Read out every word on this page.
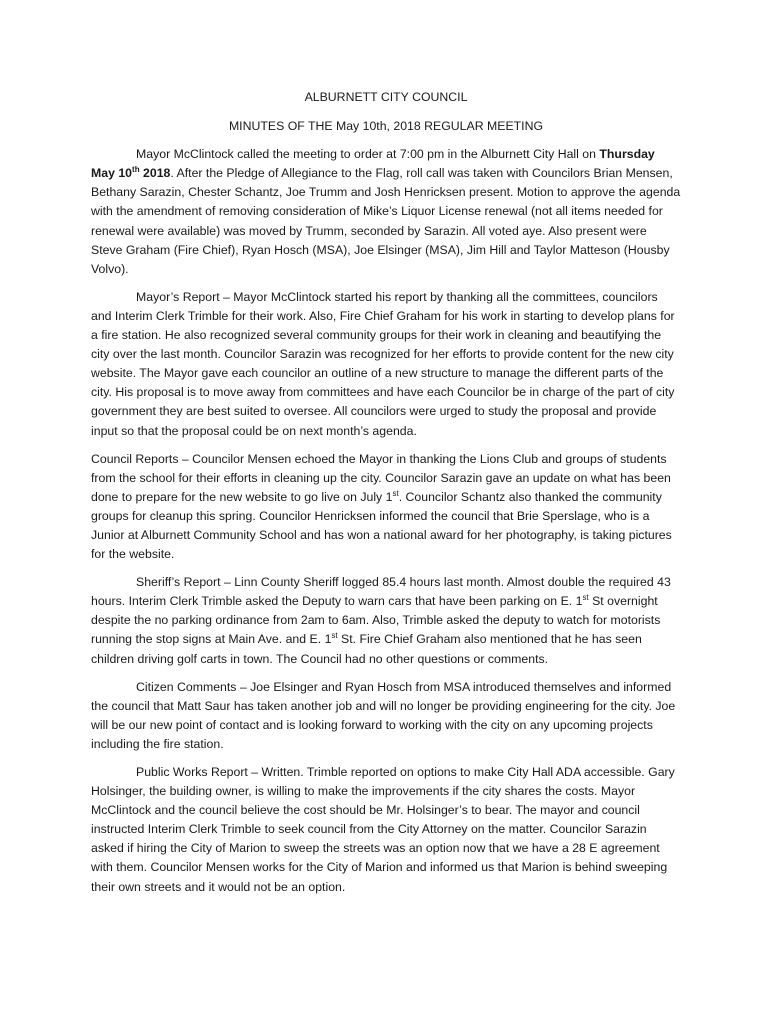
ALBURNETT CITY COUNCIL
MINUTES OF THE May 10th, 2018 REGULAR MEETING

Mayor McClintock called the meeting to order at 7:00 pm in the Alburnett City Hall on Thursday May 10th 2018. After the Pledge of Allegiance to the Flag, roll call was taken with Councilors Brian Mensen, Bethany Sarazin, Chester Schantz, Joe Trumm and Josh Henricksen present. Motion to approve the agenda with the amendment of removing consideration of Mike’s Liquor License renewal (not all items needed for renewal were available) was moved by Trumm, seconded by Sarazin. All voted aye. Also present were Steve Graham (Fire Chief), Ryan Hosch (MSA), Joe Elsinger (MSA), Jim Hill and Taylor Matteson (Housby Volvo).

Mayor’s Report – Mayor McClintock started his report by thanking all the committees, councilors and Interim Clerk Trimble for their work. Also, Fire Chief Graham for his work in starting to develop plans for a fire station. He also recognized several community groups for their work in cleaning and beautifying the city over the last month. Councilor Sarazin was recognized for her efforts to provide content for the new city website. The Mayor gave each councilor an outline of a new structure to manage the different parts of the city. His proposal is to move away from committees and have each Councilor be in charge of the part of city government they are best suited to oversee. All councilors were urged to study the proposal and provide input so that the proposal could be on next month’s agenda.

Council Reports – Councilor Mensen echoed the Mayor in thanking the Lions Club and groups of students from the school for their efforts in cleaning up the city. Councilor Sarazin gave an update on what has been done to prepare for the new website to go live on July 1st. Councilor Schantz also thanked the community groups for cleanup this spring. Councilor Henricksen informed the council that Brie Sperslage, who is a Junior at Alburnett Community School and has won a national award for her photography, is taking pictures for the website.

Sheriff’s Report – Linn County Sheriff logged 85.4 hours last month. Almost double the required 43 hours. Interim Clerk Trimble asked the Deputy to warn cars that have been parking on E. 1st St overnight despite the no parking ordinance from 2am to 6am. Also, Trimble asked the deputy to watch for motorists running the stop signs at Main Ave. and E. 1st St. Fire Chief Graham also mentioned that he has seen children driving golf carts in town. The Council had no other questions or comments.

Citizen Comments – Joe Elsinger and Ryan Hosch from MSA introduced themselves and informed the council that Matt Saur has taken another job and will no longer be providing engineering for the city. Joe will be our new point of contact and is looking forward to working with the city on any upcoming projects including the fire station.

Public Works Report – Written. Trimble reported on options to make City Hall ADA accessible. Gary Holsinger, the building owner, is willing to make the improvements if the city shares the costs. Mayor McClintock and the council believe the cost should be Mr. Holsinger’s to bear. The mayor and council instructed Interim Clerk Trimble to seek council from the City Attorney on the matter. Councilor Sarazin asked if hiring the City of Marion to sweep the streets was an option now that we have a 28 E agreement with them. Councilor Mensen works for the City of Marion and informed us that Marion is behind sweeping their own streets and it would not be an option.
